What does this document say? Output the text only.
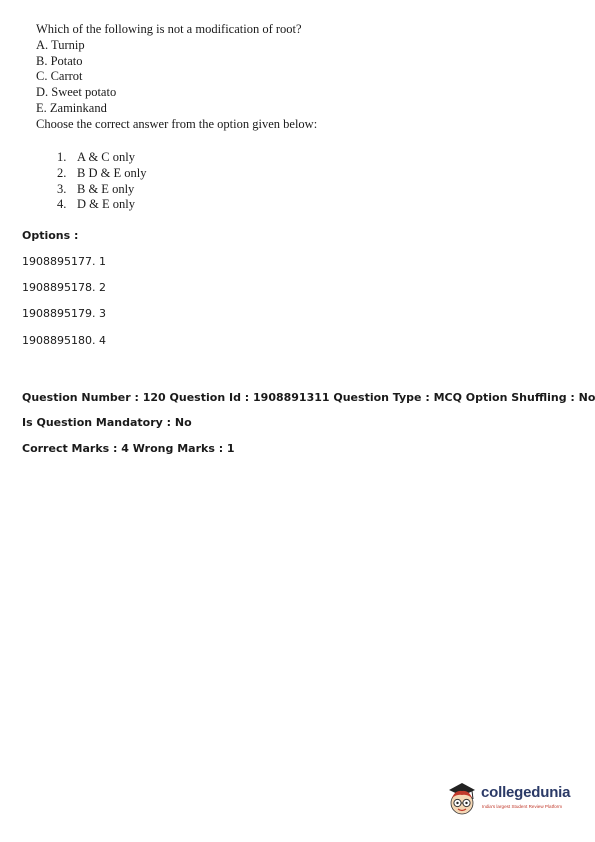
Which of the following is not a modification of root?
A. Turnip
B. Potato
C. Carrot
D. Sweet potato
E. Zaminkand
Choose the correct answer from the option given below:
1. A & C only
2. B D & E only
3. B & E only
4. D & E only
Options :
1908895177. 1
1908895178. 2
1908895179. 3
1908895180. 4
Question Number : 120 Question Id : 1908891311 Question Type : MCQ Option Shuffling : No
Is Question Mandatory : No
Correct Marks : 4 Wrong Marks : 1
collegedunia
India's largest Student Review Platform
